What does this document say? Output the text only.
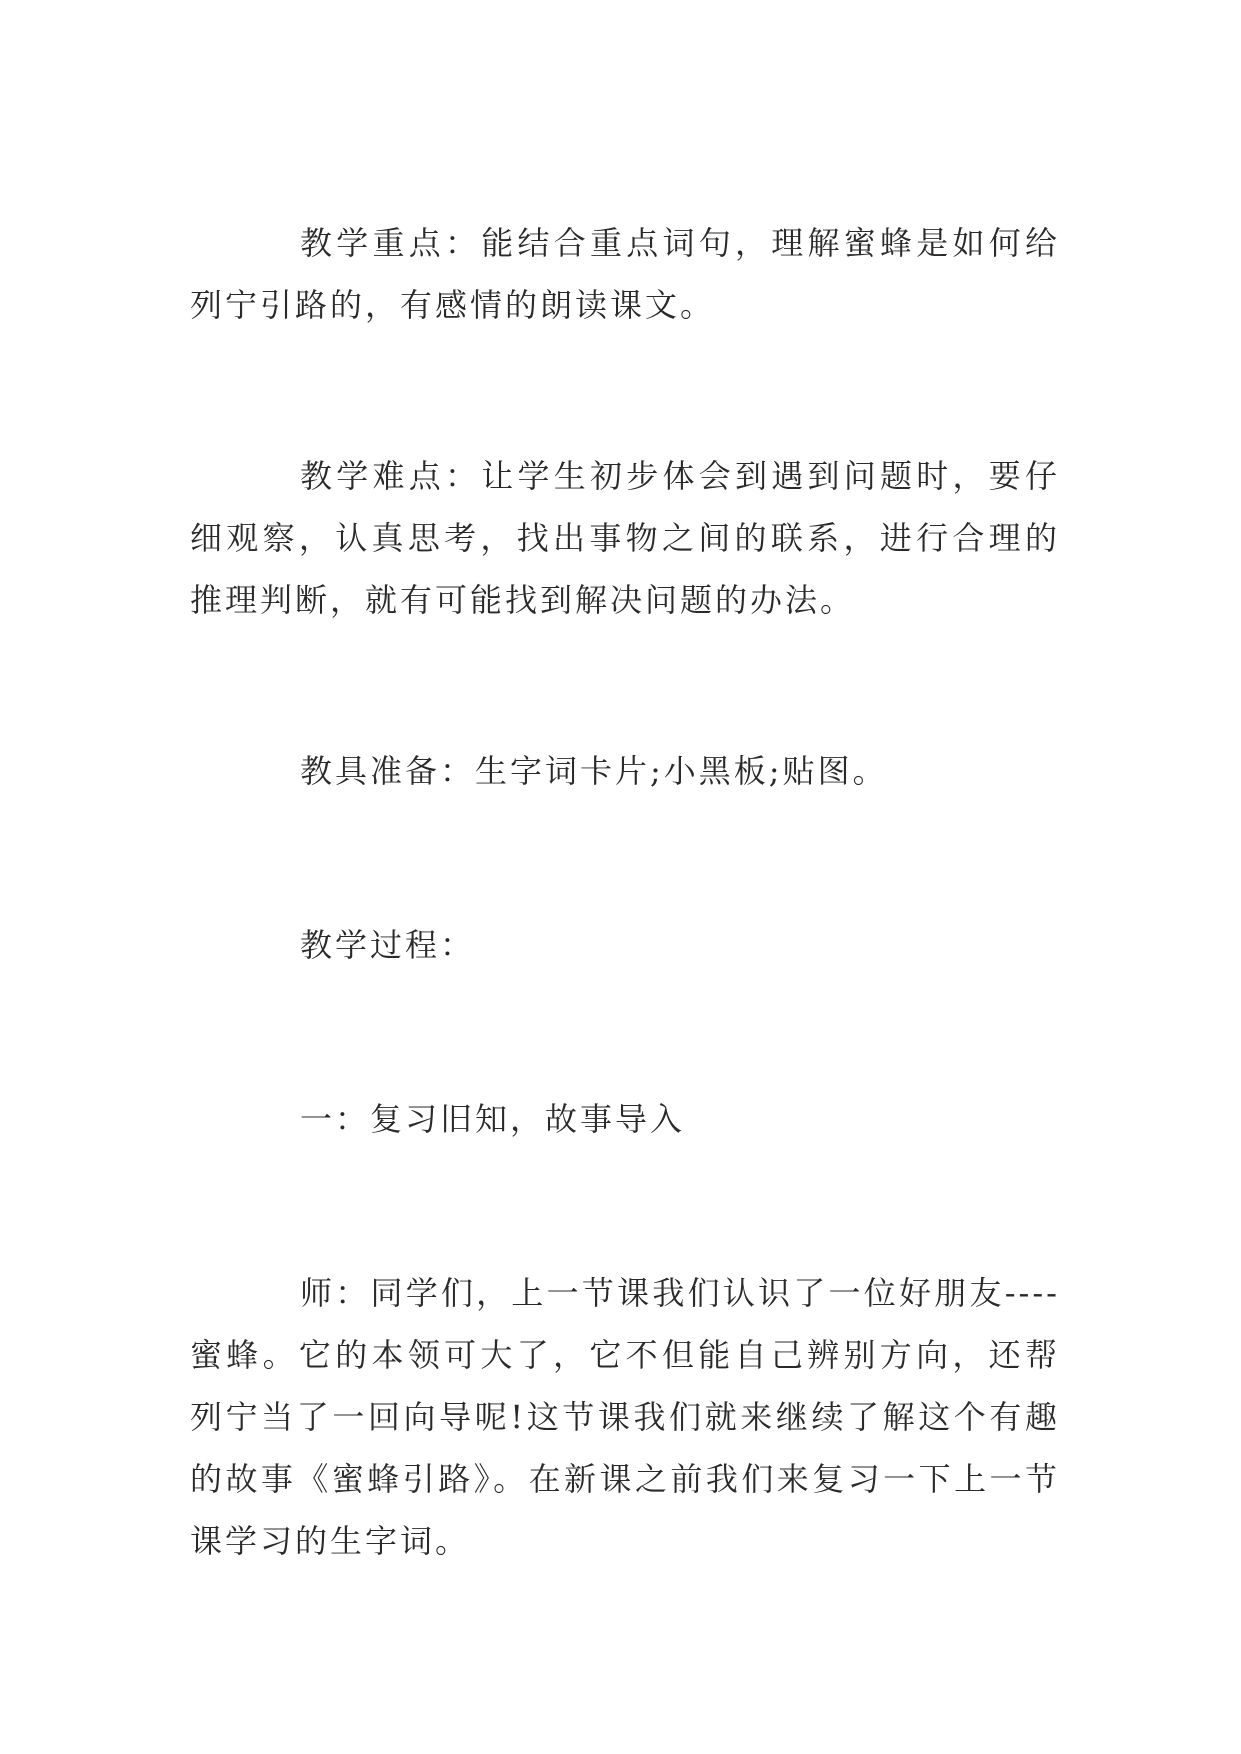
教学重点：能结合重点词句，理解蜜蜂是如何给列宁引路的，有感情的朗读课文。

教学难点：让学生初步体会到遇到问题时，要仔细观察，认真思考，找出事物之间的联系，进行合理的推理判断，就有可能找到解决问题的办法。

教具准备：生字词卡片;小黑板;贴图。

教学过程：

一：复习旧知，故事导入

师：同学们，上一节课我们认识了一位好朋友----蜜蜂。它的本领可大了，它不但能自己辨别方向，还帮列宁当了一回向导呢!这节课我们就来继续了解这个有趣的故事《蜜蜂引路》。在新课之前我们来复习一下上一节课学习的生字词。
